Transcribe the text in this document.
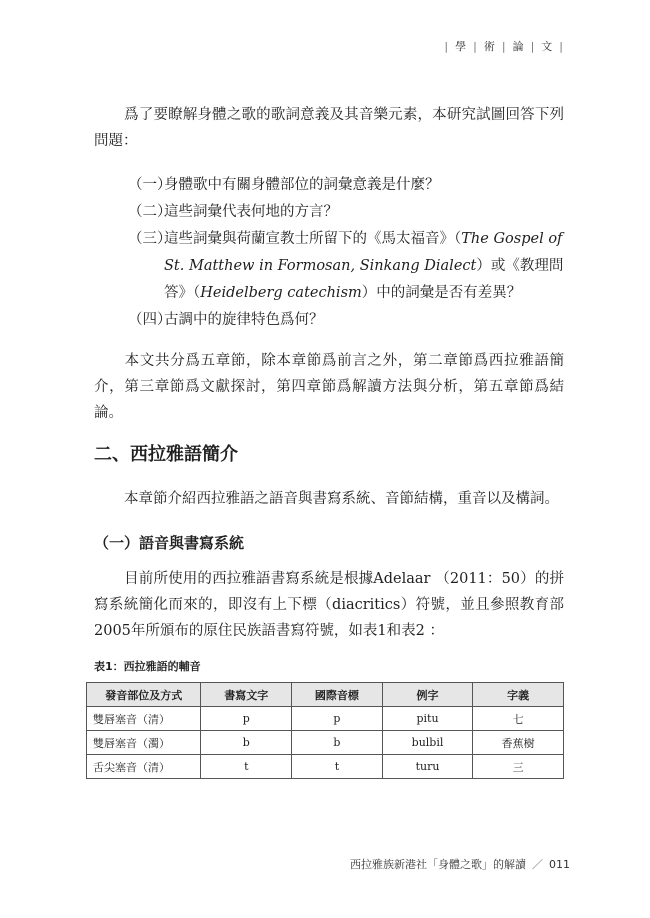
| 學 | 術 | 論 | 文 |

爲了要瞭解身體之歌的歌詞意義及其音樂元素，本研究試圖回答下列問題：

（一）
身體歌中有關身體部位的詞彙意義是什麼？
（二）
這些詞彙代表何地的方言？
（三）
這些詞彙與荷蘭宣教士所留下的《馬太福音》（The Gospel of St. Matthew in Formosan, Sinkang Dialect）或《教理問答》（Heidelberg catechism）中的詞彙是否有差異？
（四）
古調中的旋律特色爲何？

本文共分爲五章節，除本章節爲前言之外，第二章節爲西拉雅語簡介，第三章節爲文獻探討，第四章節爲解讀方法與分析，第五章節爲結論。

二、西拉雅語簡介

本章節介紹西拉雅語之語音與書寫系統、音節結構，重音以及構詞。

（一）語音與書寫系統

目前所使用的西拉雅語書寫系統是根據Adelaar （2011：50）的拼寫系統簡化而來的，即沒有上下標（diacritics）符號，並且參照教育部2005年所頒布的原住民族語書寫符號，如表1和表2 ：

表1：西拉雅語的輔音
發音部位及方式	書寫文字	國際音標	例字	字義
雙唇塞音（清）	p	p	pitu	七
雙唇塞音（濁）	b	b	bulbil	香蕉樹
舌尖塞音（清）	t	t	turu	三
西拉雅族新港社「身體之歌」的解讀 ／ 011
